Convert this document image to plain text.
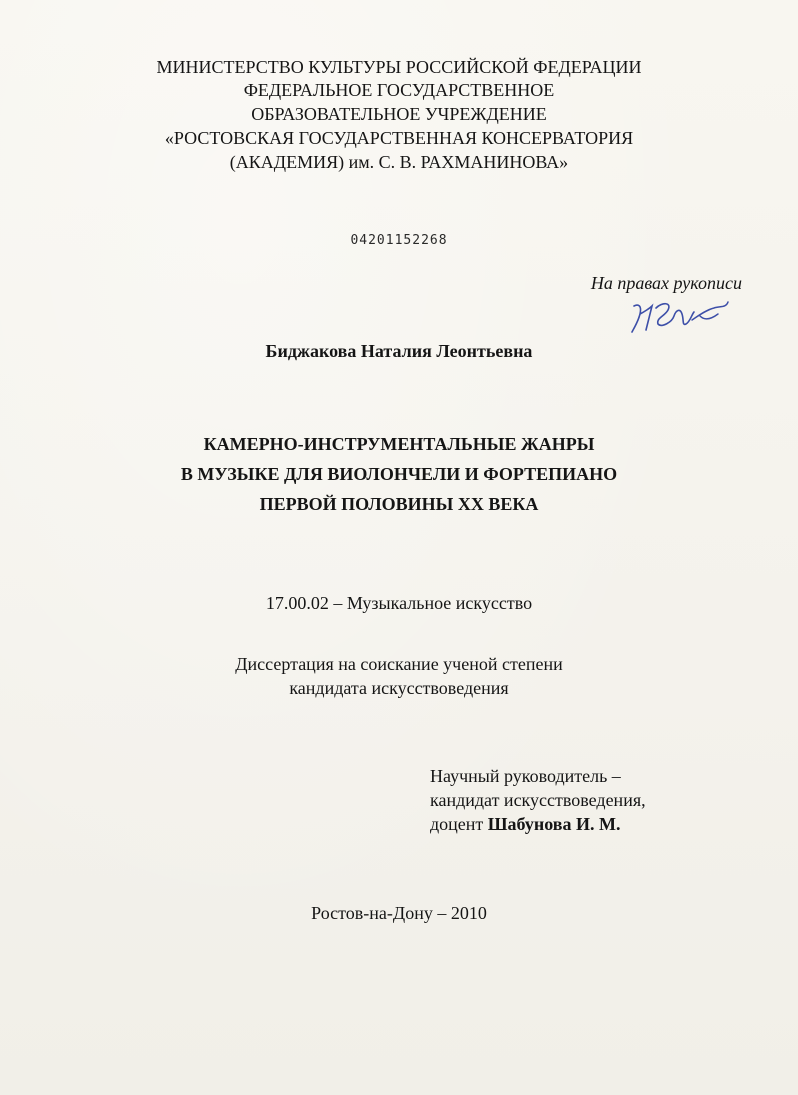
МИНИСТЕРСТВО КУЛЬТУРЫ РОССИЙСКОЙ ФЕДЕРАЦИИ
ФЕДЕРАЛЬНОЕ ГОСУДАРСТВЕННОЕ
ОБРАЗОВАТЕЛЬНОЕ УЧРЕЖДЕНИЕ
«РОСТОВСКАЯ ГОСУДАРСТВЕННАЯ КОНСЕРВАТОРИЯ
(АКАДЕМИЯ) им. С. В. РАХМАНИНОВА»
04201152268
На правах рукописи
Биджакова Наталия Леонтьевна
КАМЕРНО-ИНСТРУМЕНТАЛЬНЫЕ ЖАНРЫ
В МУЗЫКЕ ДЛЯ ВИОЛОНЧЕЛИ И ФОРТЕПИАНО
ПЕРВОЙ ПОЛОВИНЫ XX ВЕКА
17.00.02 – Музыкальное искусство
Диссертация на соискание ученой степени
кандидата искусствоведения
Научный руководитель –
кандидат искусствоведения,
доцент Шабунова И. М.
Ростов-на-Дону – 2010
